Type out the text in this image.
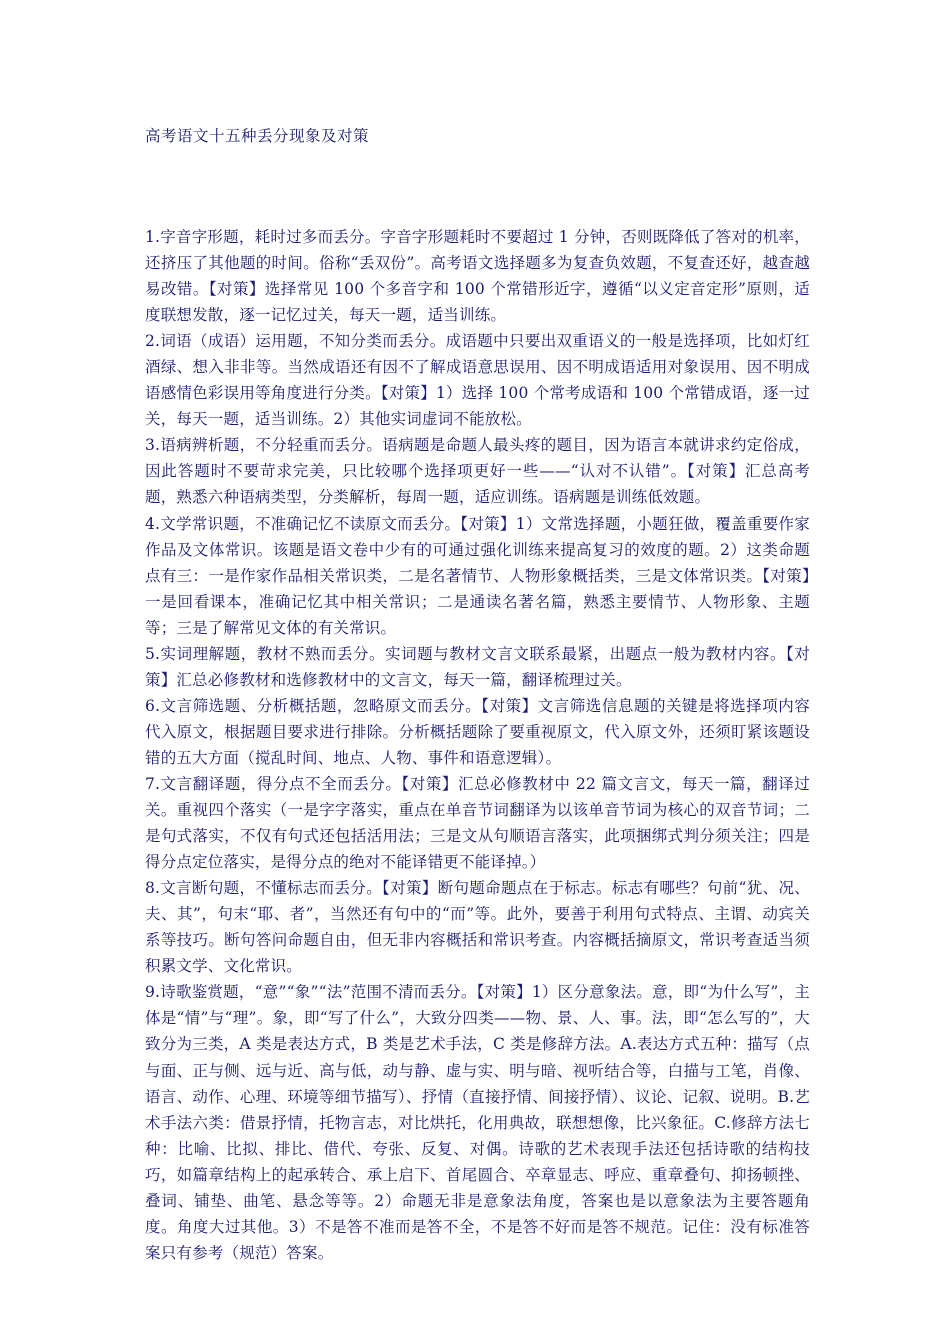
高考语文十五种丢分现象及对策

1.字音字形题，耗时过多而丢分。字音字形题耗时不要超过 1 分钟，否则既降低了答对的机率，还挤压了其他题的时间。俗称“丢双份”。高考语文选择题多为复查负效题，不复查还好，越查越易改错。【对策】选择常见 100 个多音字和 100 个常错形近字，遵循“以义定音定形”原则，适度联想发散，逐一记忆过关，每天一题，适当训练。

2.词语（成语）运用题，不知分类而丢分。成语题中只要出双重语义的一般是选择项，比如灯红酒绿、想入非非等。当然成语还有因不了解成语意思误用、因不明成语适用对象误用、因不明成语感情色彩误用等角度进行分类。【对策】1）选择 100 个常考成语和 100 个常错成语，逐一过关，每天一题，适当训练。2）其他实词虚词不能放松。

3.语病辨析题，不分轻重而丢分。语病题是命题人最头疼的题目，因为语言本就讲求约定俗成，因此答题时不要苛求完美，只比较哪个选择项更好一些——“认对不认错”。【对策】汇总高考题，熟悉六种语病类型，分类解析，每周一题，适应训练。语病题是训练低效题。

4.文学常识题，不准确记忆不读原文而丢分。【对策】1）文常选择题，小题狂做，覆盖重要作家作品及文体常识。该题是语文卷中少有的可通过强化训练来提高复习的效度的题。2）这类命题点有三：一是作家作品相关常识类，二是名著情节、人物形象概括类，三是文体常识类。【对策】一是回看课本，准确记忆其中相关常识；二是通读名著名篇，熟悉主要情节、人物形象、主题等；三是了解常见文体的有关常识。

5.实词理解题，教材不熟而丢分。实词题与教材文言文联系最紧，出题点一般为教材内容。【对策】汇总必修教材和选修教材中的文言文，每天一篇，翻译梳理过关。

6.文言筛选题、分析概括题，忽略原文而丢分。【对策】文言筛选信息题的关键是将选择项内容代入原文，根据题目要求进行排除。分析概括题除了要重视原文，代入原文外，还须盯紧该题设错的五大方面（搅乱时间、地点、人物、事件和语意逻辑）。

7.文言翻译题，得分点不全而丢分。【对策】汇总必修教材中 22 篇文言文，每天一篇，翻译过关。重视四个落实（一是字字落实，重点在单音节词翻译为以该单音节词为核心的双音节词；二是句式落实，不仅有句式还包括活用法；三是文从句顺语言落实，此项捆绑式判分须关注；四是得分点定位落实，是得分点的绝对不能译错更不能译掉。）

8.文言断句题，不懂标志而丢分。【对策】断句题命题点在于标志。标志有哪些？句前“犹、况、夫、其”，句末“耶、者”，当然还有句中的“而”等。此外，要善于利用句式特点、主谓、动宾关系等技巧。断句答问命题自由，但无非内容概括和常识考查。内容概括摘原文，常识考查适当须积累文学、文化常识。

9.诗歌鉴赏题，“意”“象”“法”范围不清而丢分。【对策】1）区分意象法。意，即“为什么写”，主体是“情”与“理”。象，即“写了什么”，大致分四类——物、景、人、事。法，即“怎么写的”，大致分为三类，A 类是表达方式，B 类是艺术手法，C 类是修辞方法。A.表达方式五种：描写（点与面、正与侧、远与近、高与低，动与静、虚与实、明与暗、视听结合等，白描与工笔，肖像、语言、动作、心理、环境等细节描写）、抒情（直接抒情、间接抒情）、议论、记叙、说明。B.艺术手法六类：借景抒情，托物言志，对比烘托，化用典故，联想想像，比兴象征。C.修辞方法七种：比喻、比拟、排比、借代、夸张、反复、对偶。诗歌的艺术表现手法还包括诗歌的结构技巧，如篇章结构上的起承转合、承上启下、首尾圆合、卒章显志、呼应、重章叠句、抑扬顿挫、叠词、铺垫、曲笔、悬念等等。2）命题无非是意象法角度，答案也是以意象法为主要答题角度。角度大过其他。3）不是答不准而是答不全，不是答不好而是答不规范。记住：没有标准答案只有参考（规范）答案。
